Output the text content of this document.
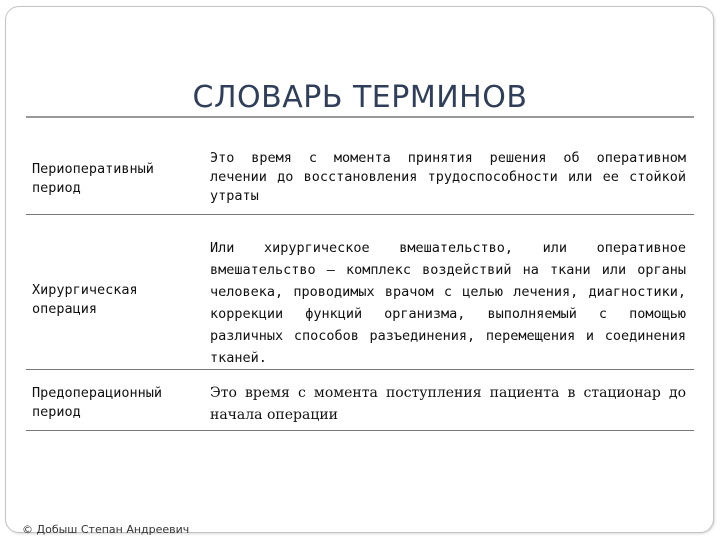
СЛОВАРЬ ТЕРМИНОВ
Периоперативный период
Это время с момента принятия решения об оперативном лечении до восстановления трудоспособности или ее стойкой утраты
Хирургическая операция
Или хирургическое вмешательство, или оперативное вмешательство — комплекс воздействий на ткани или органы человека, проводимых врачом с целью лечения, диагностики, коррекции функций организма, выполняемый с помощью различных способов разъединения, перемещения и соединения тканей.
Предоперационный период
Это время с момента поступления пациента в стационар до начала операции
© Добыш Степан Андреевич
